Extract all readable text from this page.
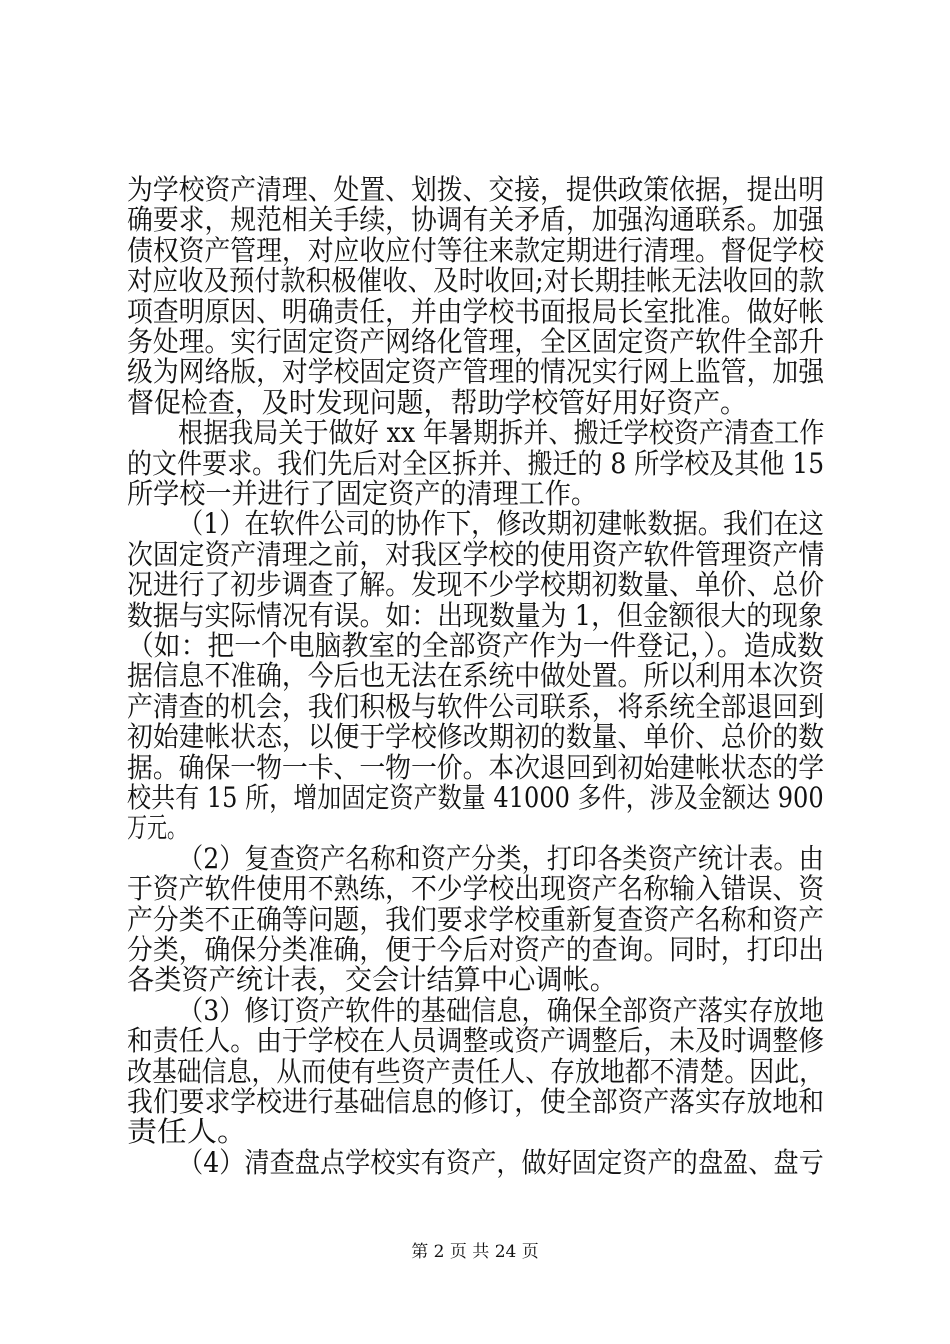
为学校资产清理、处置、划拨、交接，提供政策依据，提出明
确要求，规范相关手续，协调有关矛盾，加强沟通联系。加强
债权资产管理，对应收应付等往来款定期进行清理。督促学校
对应收及预付款积极催收、及时收回;对长期挂帐无法收回的款
项查明原因、明确责任，并由学校书面报局长室批准。做好帐
务处理。实行固定资产网络化管理，全区固定资产软件全部升
级为网络版，对学校固定资产管理的情况实行网上监管，加强
督促检查，及时发现问题，帮助学校管好用好资产。
根据我局关于做好 xx 年暑期拆并、搬迁学校资产清查工作
的文件要求。我们先后对全区拆并、搬迁的 8 所学校及其他 15
所学校一并进行了固定资产的清理工作。
（1）在软件公司的协作下，修改期初建帐数据。我们在这
次固定资产清理之前，对我区学校的使用资产软件管理资产情
况进行了初步调查了解。发现不少学校期初数量、单价、总价
数据与实际情况有误。如：出现数量为 1，但金额很大的现象
（如：把一个电脑教室的全部资产作为一件登记，）。造成数
据信息不准确，今后也无法在系统中做处置。所以利用本次资
产清查的机会，我们积极与软件公司联系，将系统全部退回到
初始建帐状态，以便于学校修改期初的数量、单价、总价的数
据。确保一物一卡、一物一价。本次退回到初始建帐状态的学
校共有 15 所，增加固定资产数量 41000 多件，涉及金额达 900
万元。
（2）复查资产名称和资产分类，打印各类资产统计表。由
于资产软件使用不熟练，不少学校出现资产名称输入错误、资
产分类不正确等问题，我们要求学校重新复查资产名称和资产
分类，确保分类准确，便于今后对资产的查询。同时，打印出
各类资产统计表，交会计结算中心调帐。
（3）修订资产软件的基础信息，确保全部资产落实存放地
和责任人。由于学校在人员调整或资产调整后，未及时调整修
改基础信息，从而使有些资产责任人、存放地都不清楚。因此，
我们要求学校进行基础信息的修订，使全部资产落实存放地和
责任人。
（4）清查盘点学校实有资产，做好固定资产的盘盈、盘亏
第 2 页 共 24 页
